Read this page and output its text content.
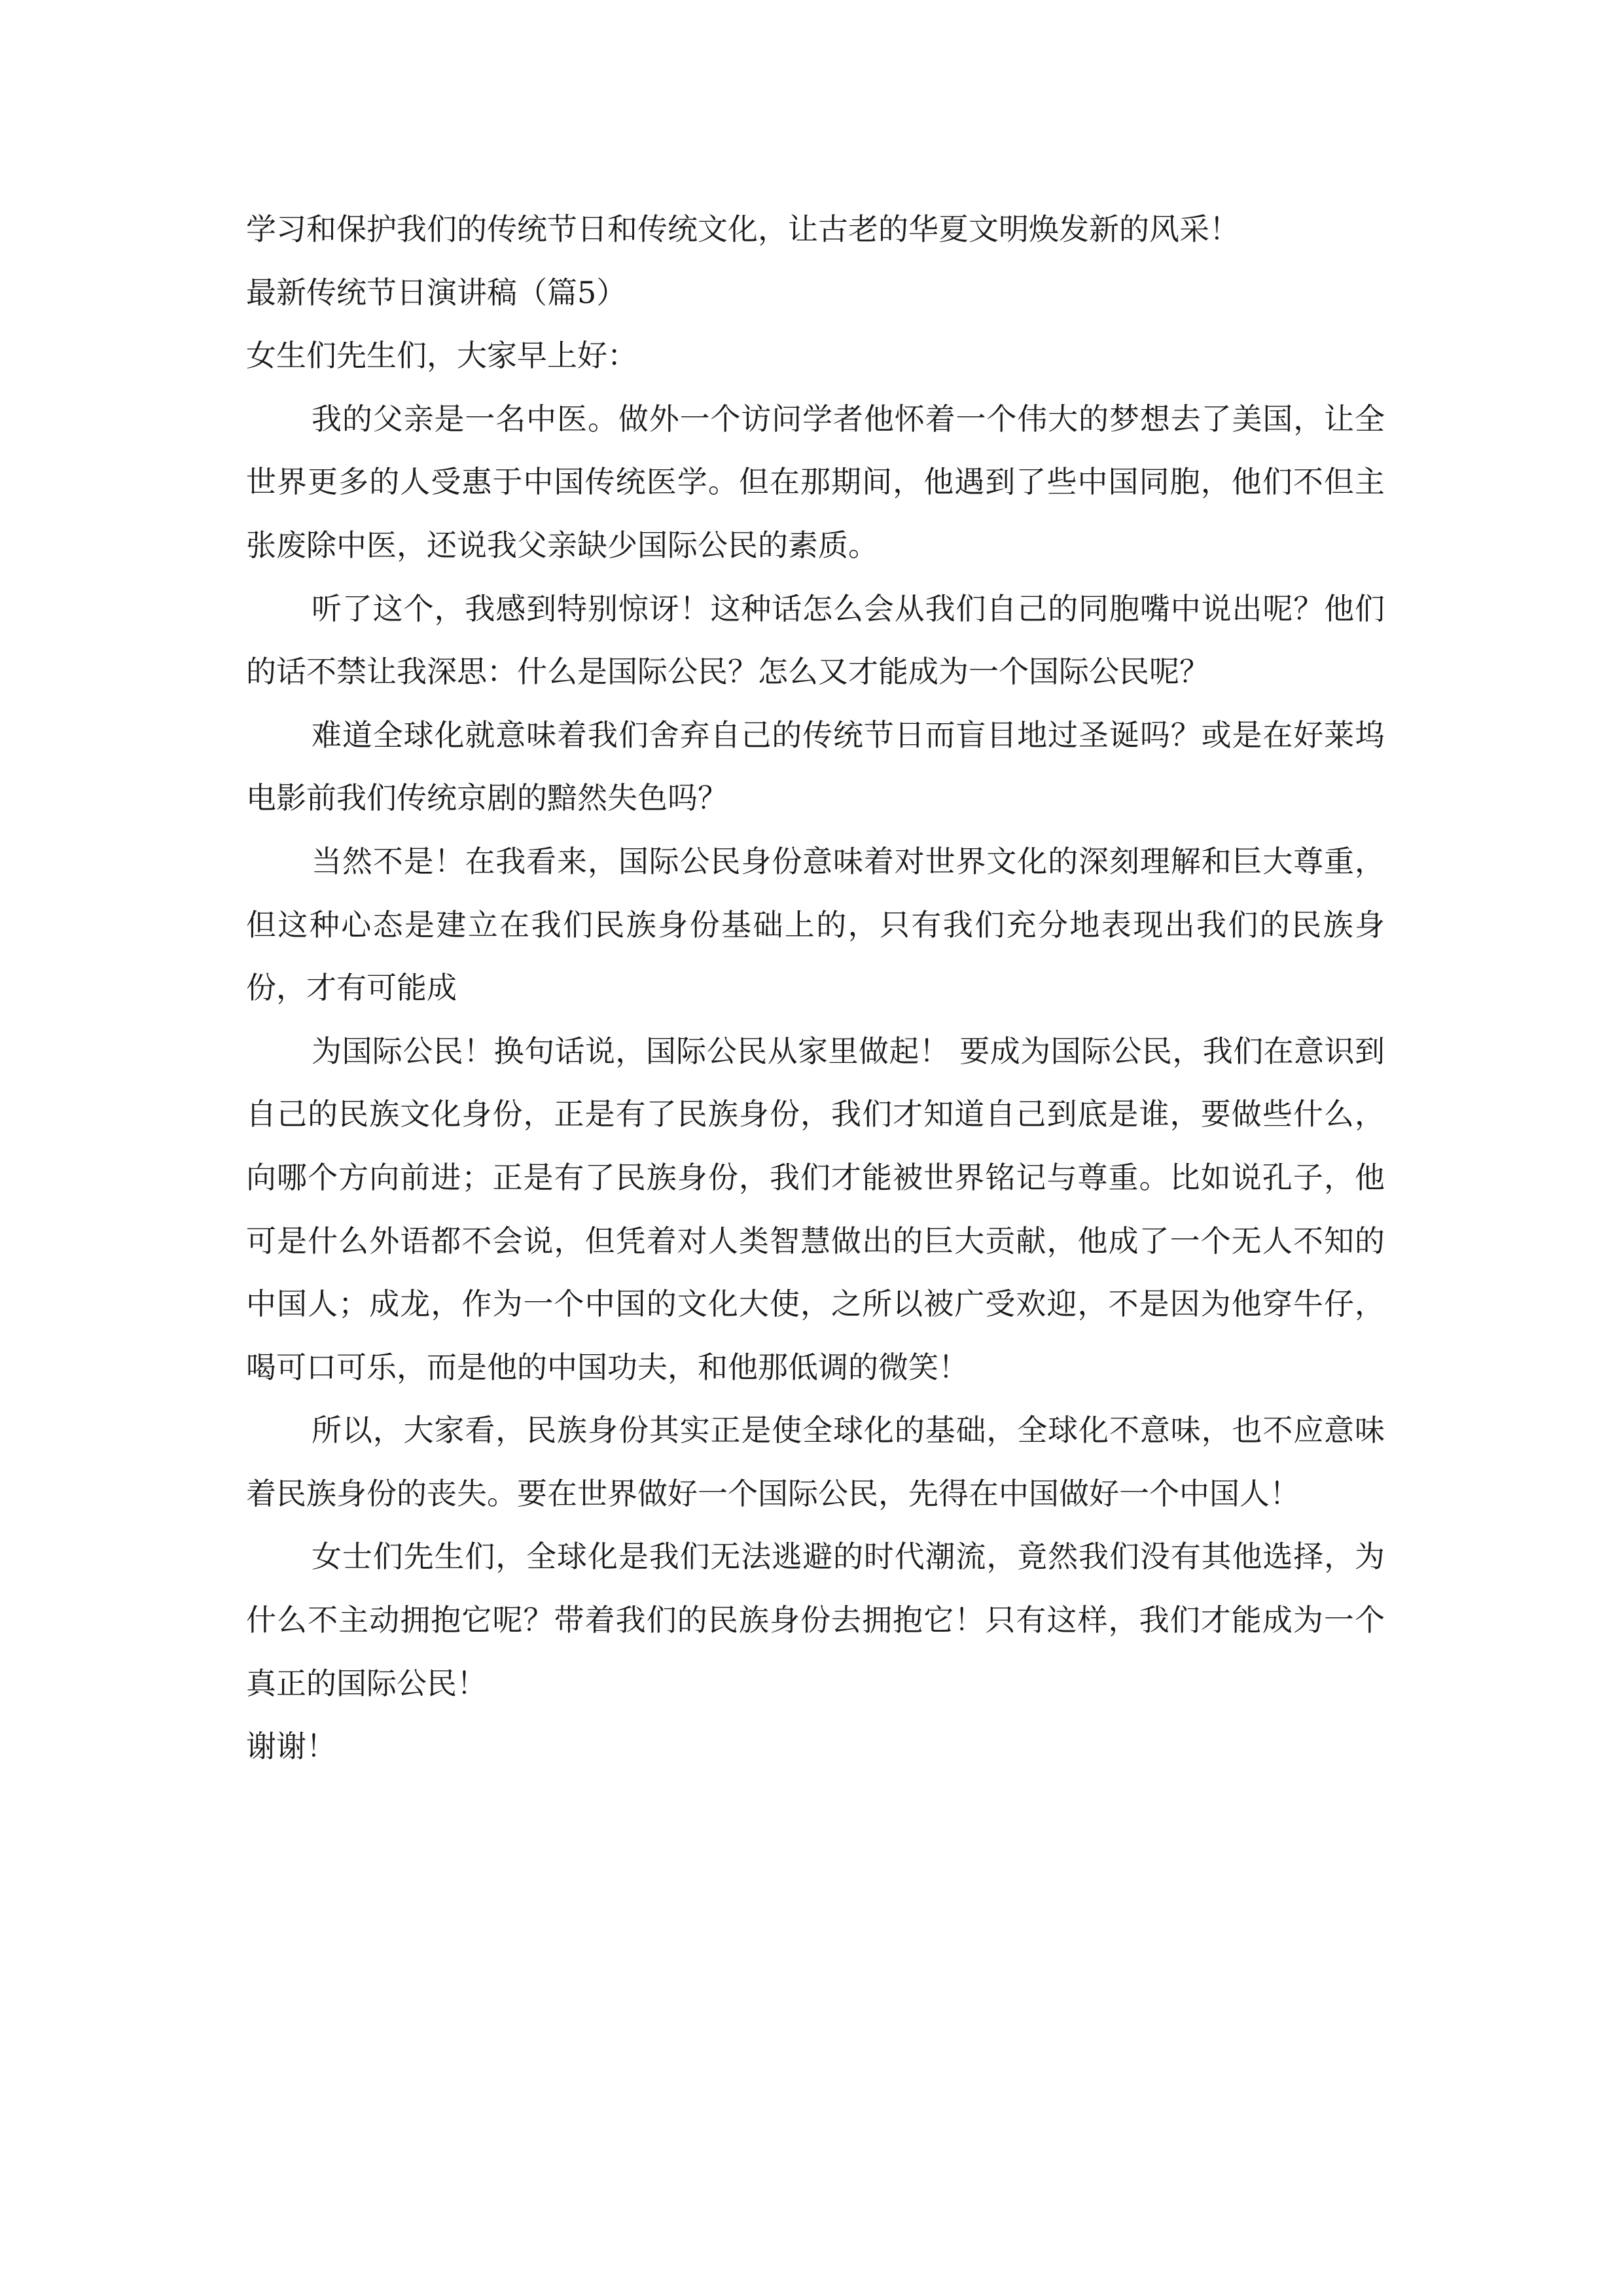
学习和保护我们的传统节日和传统文化，让古老的华夏文明焕发新的风采！

最新传统节日演讲稿（篇5）

女生们先生们，大家早上好：

我的父亲是一名中医。做外一个访问学者他怀着一个伟大的梦想去了美国，让全世界更多的人受惠于中国传统医学。但在那期间，他遇到了些中国同胞，他们不但主张废除中医，还说我父亲缺少国际公民的素质。

听了这个，我感到特别惊讶！这种话怎么会从我们自己的同胞嘴中说出呢？他们的话不禁让我深思：什么是国际公民？怎么又才能成为一个国际公民呢？

难道全球化就意味着我们舍弃自己的传统节日而盲目地过圣诞吗？或是在好莱坞电影前我们传统京剧的黯然失色吗？

当然不是！在我看来，国际公民身份意味着对世界文化的深刻理解和巨大尊重，但这种心态是建立在我们民族身份基础上的，只有我们充分地表现出我们的民族身份，才有可能成

为国际公民！换句话说，国际公民从家里做起！ 要成为国际公民，我们在意识到自己的民族文化身份，正是有了民族身份，我们才知道自己到底是谁，要做些什么，向哪个方向前进；正是有了民族身份，我们才能被世界铭记与尊重。比如说孔子，他可是什么外语都不会说，但凭着对人类智慧做出的巨大贡献，他成了一个无人不知的中国人；成龙，作为一个中国的文化大使，之所以被广受欢迎，不是因为他穿牛仔，喝可口可乐，而是他的中国功夫，和他那低调的微笑！

所以，大家看，民族身份其实正是使全球化的基础，全球化不意味，也不应意味着民族身份的丧失。要在世界做好一个国际公民，先得在中国做好一个中国人！

女士们先生们，全球化是我们无法逃避的时代潮流，竟然我们没有其他选择，为什么不主动拥抱它呢？带着我们的民族身份去拥抱它！只有这样，我们才能成为一个真正的国际公民！

谢谢！
